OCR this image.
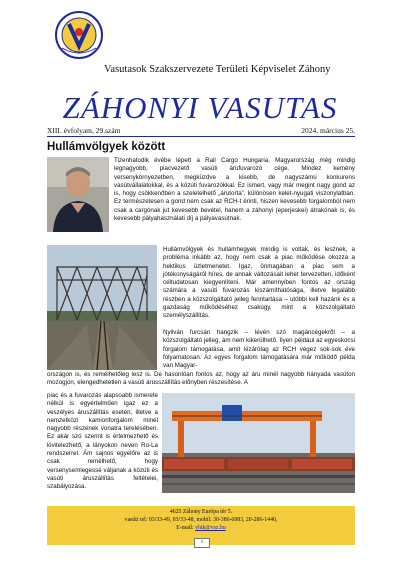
Vasutasok Szakszervezete Területi Képviselet Záhony
ZÁHONYI VASUTAS
XIII. évfolyam, 29.szám	2024. március 25.
Hullámvölgyek között

Tizenhatodik évébe lépett a Rail Cargo Hungaria, Magyarország még mindig legnagyobb, piacvezető vasúti árufuvarozó cége. Mindez kemény versenykörnyezetben, megküzdve a kisebb, de nagyszámú konkurens vasútvállalatokkal, és a közúti fuvarozókkal. Ez ismert, vagy már megint nagy gond az is, hogy csökkenőben a szeletelhető „árutorta”, különösen kelet-nyugati viszonylatban. Ez természetesen a gond nem csak az RCH-t érinti, hiszen kevesebb forgalomból nem csak a cargónak jut kevesebb bevétel, hanem a záhonyi (eperjeskei) átrakónak is, és kevesebb pályahasználati díj a pályavasútnak.

Hullámvölgyek és hullámhegyek mindig is voltak, és lesznek, a probléma inkább az, hogy nem csak a piac működése okozza a hektikus üzletmenetet. Igaz, önmagában a piac sem a jótékonyságáról híres, de annak változásait lehet tervezetten, időként céltudatosan kiegyenlíteni. Már amennyiben fontos az ország számára a vasúti fuvarozás kiszámíthatósága, illetve legalább részben a közszolgáltató jelleg fenntartása – utóbbi kell hazánk és a gazdaság működéséhez csakúgy, mint a közszolgáltató személyszállítás.

Nyilván furcsán hangzik – lévén szó magáncégekről – a közszolgáltató jelleg, ám nem kikerülhető. Ilyen például az egyeskocsi forgalom támogatása, amit kizárólag az RCH végez sok-sok éve folyamatosan. Az egyes forgalom támogatására már működő példa van Magyar-

országon is, és remélhetőleg lesz is. De hasonlóan fontos az, hogy az áru minél nagyobb hányada vasúton mozogjon, elengedhetetlen a vasúti árusszállítás előnyben részesítése. A

piac és a fuvarozás alapsoabb ismerete nélkül is egyértelműen igaz ez a veszélyes áruszállítás esetén, illetve a nemzetközi kamionforgalom minél nagyobb részének vonatra terelésében. Ez akár szó szerint is értelmezhető és kivitelezhető, a lányokon neven Ro-La rendszerrel. Ám sajnos egyelőre az is csak remélhető, hogy versenysemlegessé váljanak a közúti és vasúti áruszállítás feltételei, szabályozása.

4625 Záhony Európa tér 5.
vasúti tel: 03/33-49, 03/33-48, mobil: 30-386-6083, 20-286-1440,
E-mail: vhtk@vsz.hu
1
